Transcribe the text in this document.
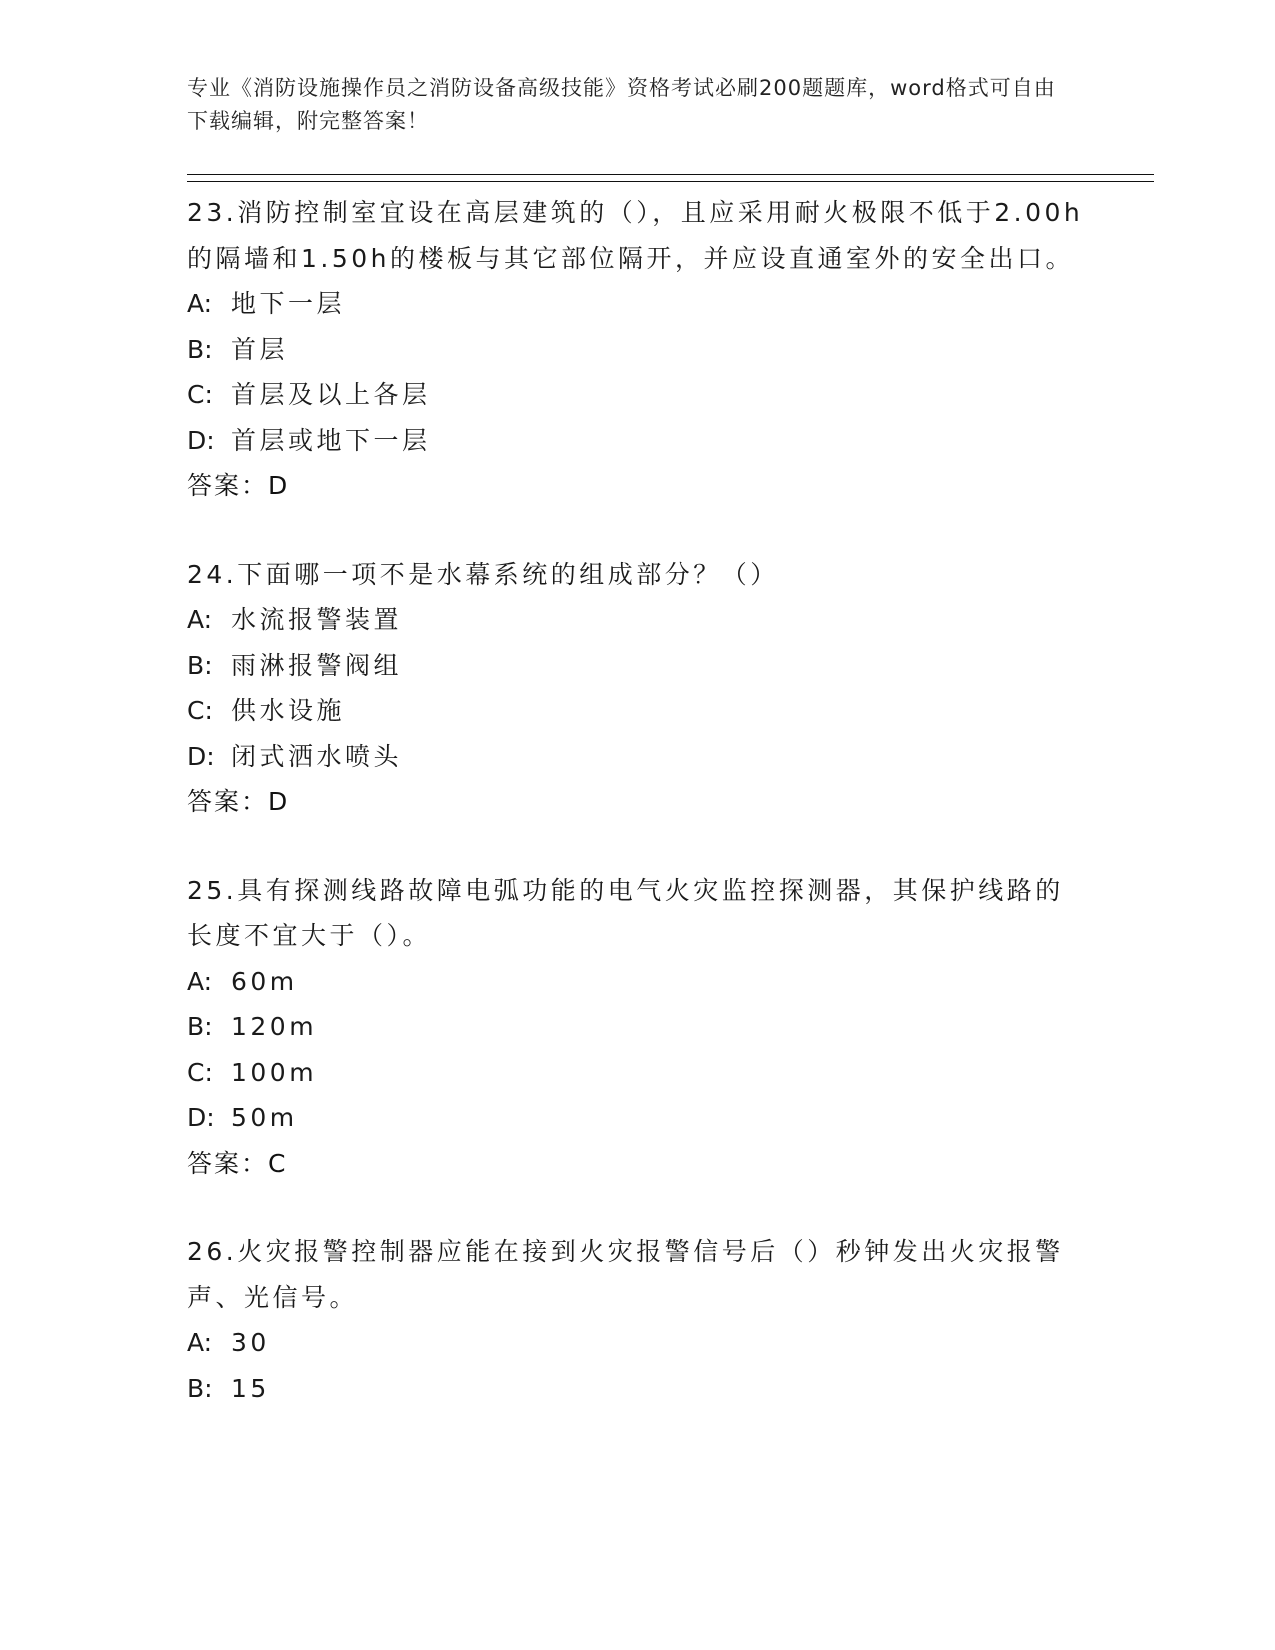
专业《消防设施操作员之消防设备高级技能》资格考试必刷200题题库，word格式可自由下载编辑，附完整答案！

23.消防控制室宜设在高层建筑的（），且应采用耐火极限不低于2.00h的隔墙和1.50h的楼板与其它部位隔开，并应设直通室外的安全出口。

A: 地下一层

B: 首层

C: 首层及以上各层

D: 首层或地下一层

答案：D

24.下面哪一项不是水幕系统的组成部分？（）

A: 水流报警装置

B: 雨淋报警阀组

C: 供水设施

D: 闭式洒水喷头

答案：D

25.具有探测线路故障电弧功能的电气火灾监控探测器，其保护线路的长度不宜大于（）。

A: 60m

B: 120m

C: 100m

D: 50m

答案：C

26.火灾报警控制器应能在接到火灾报警信号后（）秒钟发出火灾报警声、光信号。

A: 30

B: 15
